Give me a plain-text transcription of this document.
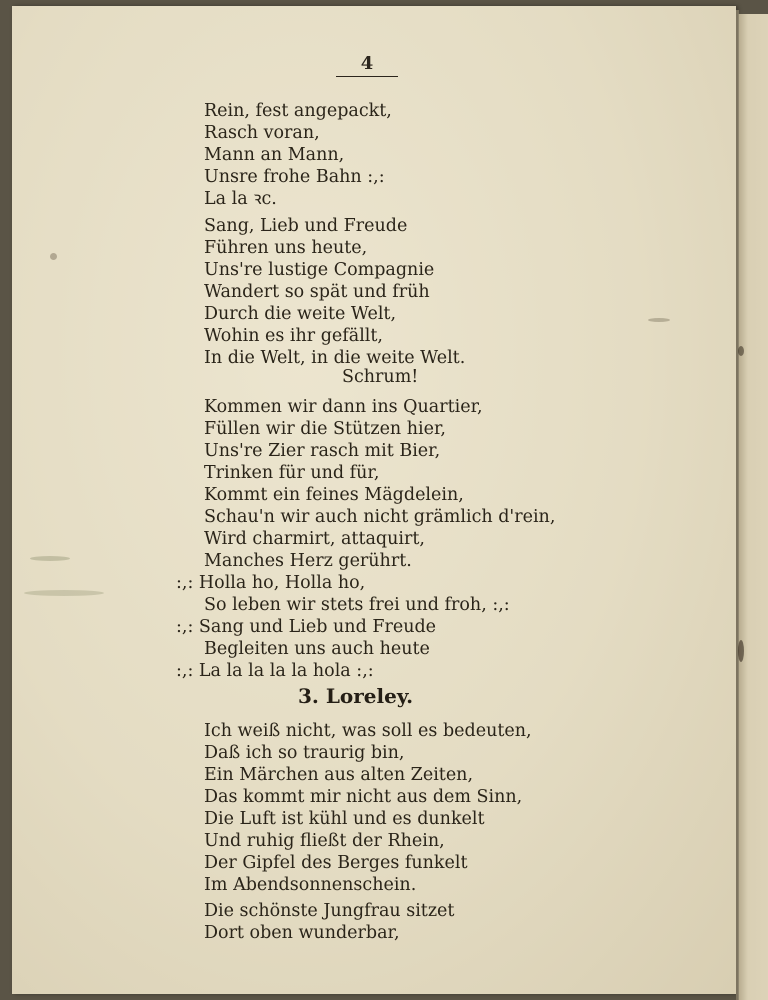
4
Rein, fest angepackt,
Rasch voran,
Mann an Mann,
Unsre frohe Bahn :,:
La la ꝛc.
Sang, Lieb und Freude
Führen uns heute,
Uns're lustige Compagnie
Wandert so spät und früh
Durch die weite Welt,
Wohin es ihr gefällt,
In die Welt, in die weite Welt.
Schrum!
Kommen wir dann ins Quartier,
Füllen wir die Stützen hier,
Uns're Zier rasch mit Bier,
Trinken für und für,
Kommt ein feines Mägdelein,
Schau'n wir auch nicht grämlich d'rein,
Wird charmirt, attaquirt,
Manches Herz gerührt.
:,: Holla ho, Holla ho,
So leben wir stets frei und froh, :,:
:,: Sang und Lieb und Freude
Begleiten uns auch heute
:,: La la la la la hola :,:
3. Loreley.
Ich weiß nicht, was soll es bedeuten,
Daß ich so traurig bin,
Ein Märchen aus alten Zeiten,
Das kommt mir nicht aus dem Sinn,
Die Luft ist kühl und es dunkelt
Und ruhig fließt der Rhein,
Der Gipfel des Berges funkelt
Im Abendsonnenschein.
Die schönste Jungfrau sitzet
Dort oben wunderbar,
